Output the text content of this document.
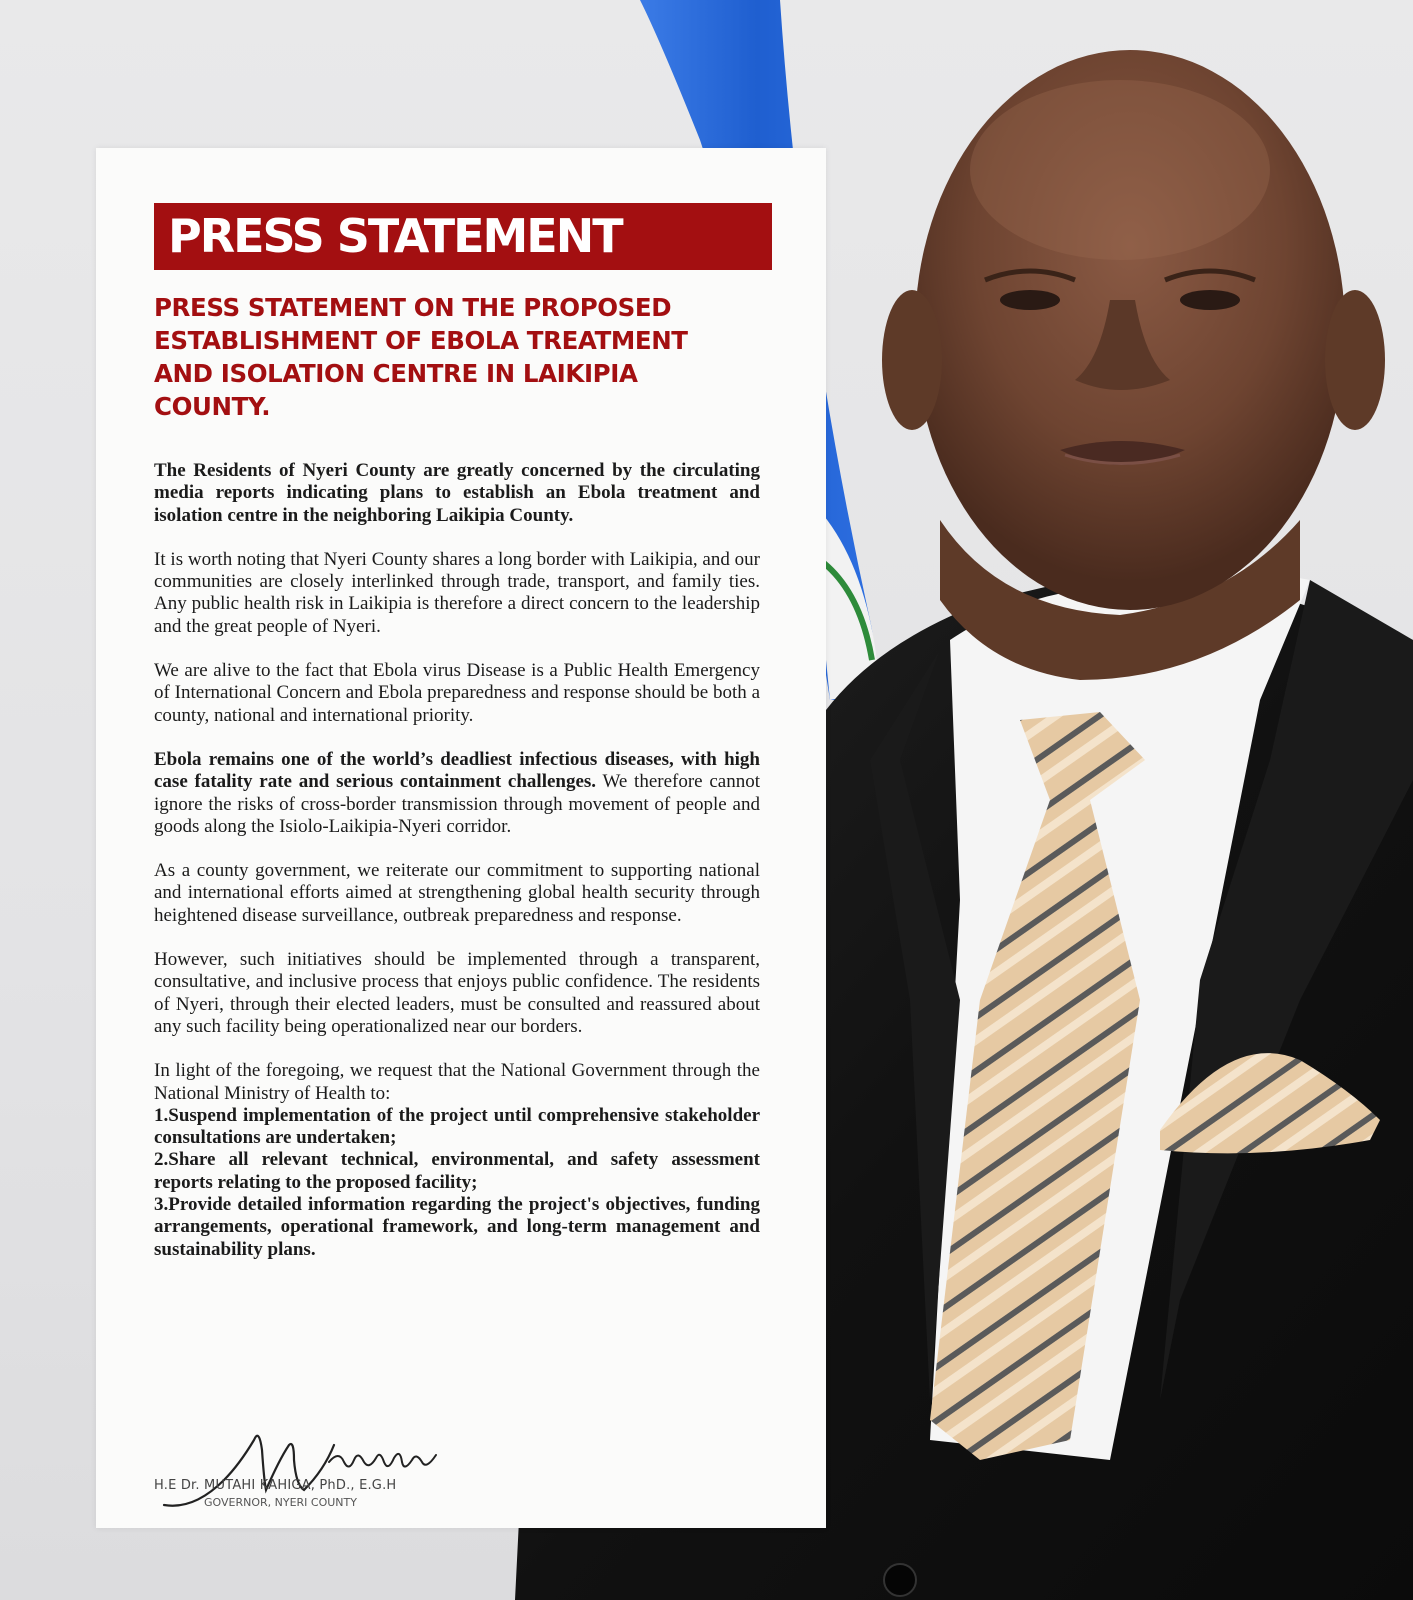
PRESS STATEMENT
PRESS STATEMENT ON THE PROPOSED ESTABLISHMENT OF EBOLA TREATMENT AND ISOLATION CENTRE IN LAIKIPIA COUNTY.

The Residents of Nyeri County are greatly concerned by the circulating media reports indicating plans to establish an Ebola treatment and isolation centre in the neighboring Laikipia County.

It is worth noting that Nyeri County shares a long border with Laikipia, and our communities are closely interlinked through trade, transport, and family ties. Any public health risk in Laikipia is therefore a direct concern to the leadership and the great people of Nyeri.

We are alive to the fact that Ebola virus Disease is a Public Health Emergency of International Concern and Ebola preparedness and response should be both a county, national and international priority.

Ebola remains one of the world’s deadliest infectious diseases, with high case fatality rate and serious containment challenges. We therefore cannot ignore the risks of cross-border transmission through movement of people and goods along the Isiolo-Laikipia-Nyeri corridor.

As a county government, we reiterate our commitment to supporting national and international efforts aimed at strengthening global health security through heightened disease surveillance, outbreak preparedness and response.

However, such initiatives should be implemented through a transparent, consultative, and inclusive process that enjoys public confidence. The residents of Nyeri, through their elected leaders, must be consulted and reassured about any such facility being operationalized near our borders.

In light of the foregoing, we request that the National Government through the National Ministry of Health to:

1.Suspend implementation of the project until comprehensive stakeholder consultations are undertaken;

2.Share all relevant technical, environmental, and safety assessment reports relating to the proposed facility;

3.Provide detailed information regarding the project's objectives, funding arrangements, operational framework, and long-term management and sustainability plans.

H.E Dr. MUTAHI KAHIGA, PhD., E.G.H
GOVERNOR, NYERI COUNTY
